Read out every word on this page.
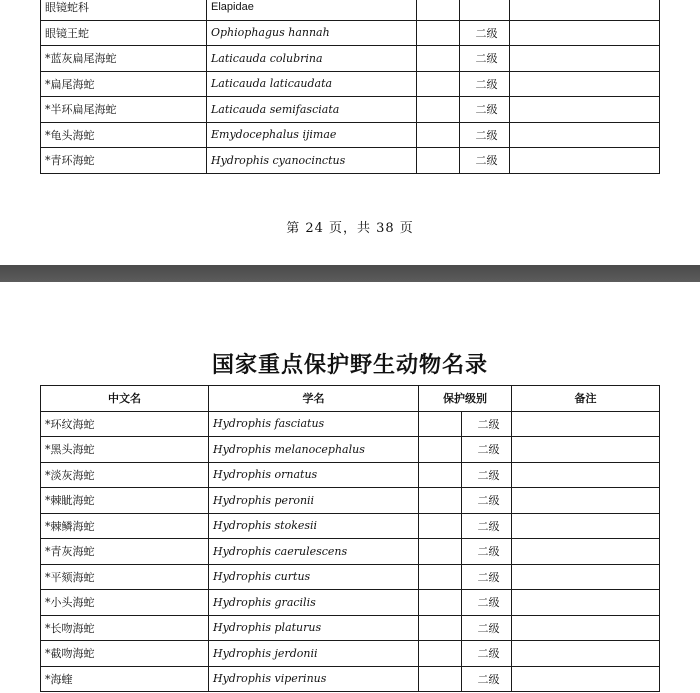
眼镜蛇科	Elapidae			
眼镜王蛇	Ophiophagus hannah		二级	
*蓝灰扁尾海蛇	Laticauda colubrina		二级	
*扁尾海蛇	Laticauda laticaudata		二级	
*半环扁尾海蛇	Laticauda semifasciata		二级	
*龟头海蛇	Emydocephalus ijimae		二级	
*青环海蛇	Hydrophis cyanocinctus		二级	
第 24 页，共 38 页
国家重点保护野生动物名录
中文名	学名	保护级别		备注
*环纹海蛇	Hydrophis fasciatus		二级	
*黑头海蛇	Hydrophis melanocephalus		二级	
*淡灰海蛇	Hydrophis ornatus		二级	
*棘眦海蛇	Hydrophis peronii		二级	
*棘鳞海蛇	Hydrophis stokesii		二级	
*青灰海蛇	Hydrophis caerulescens		二级	
*平颏海蛇	Hydrophis curtus		二级	
*小头海蛇	Hydrophis gracilis		二级	
*长吻海蛇	Hydrophis platurus		二级	
*截吻海蛇	Hydrophis jerdonii		二级	
*海蝰	Hydrophis viperinus		二级	
